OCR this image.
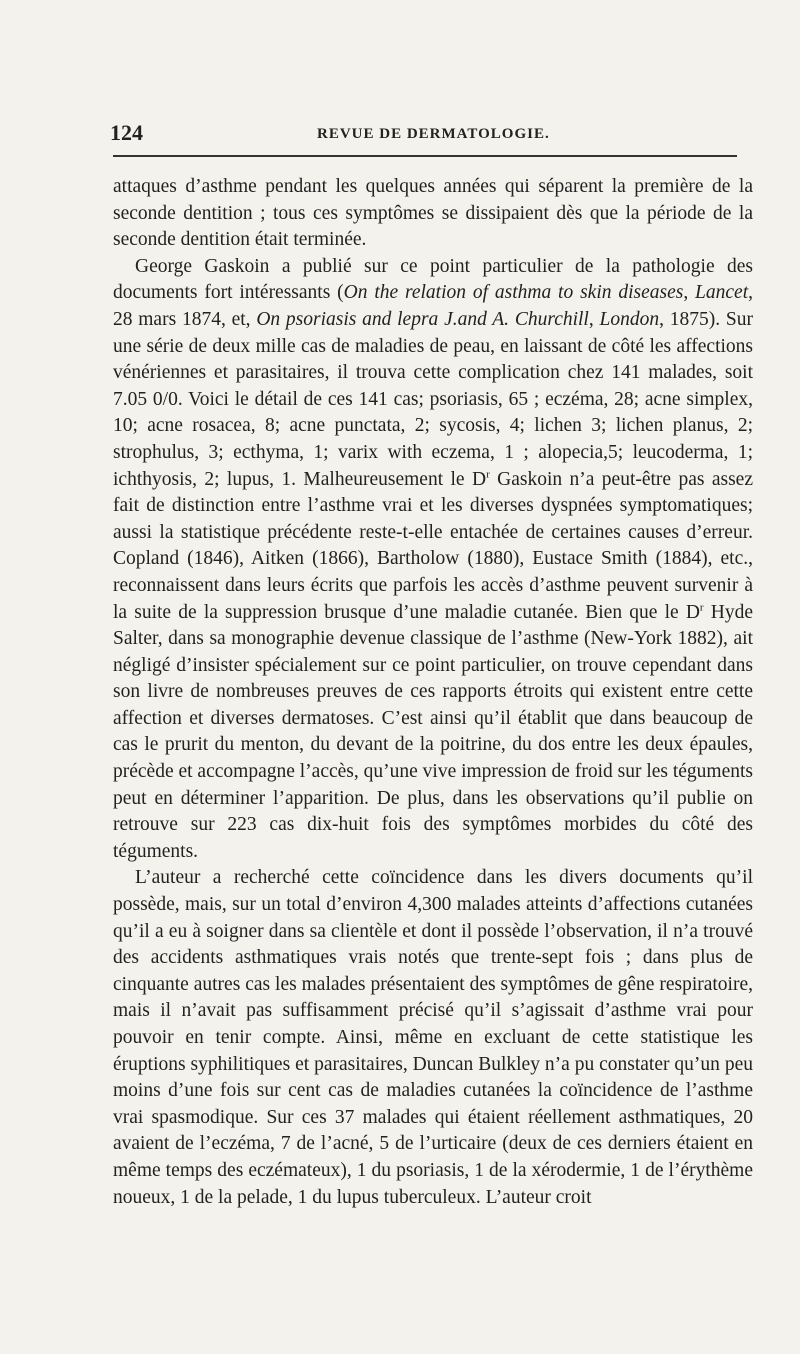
124	REVUE DE DERMATOLOGIE.

attaques d’asthme pendant les quelques années qui séparent la première de la seconde dentition ; tous ces symptômes se dissipaient dès que la période de la seconde dentition était terminée.

George Gaskoin a publié sur ce point particulier de la pathologie des documents fort intéressants (On the relation of asthma to skin diseases, Lancet, 28 mars 1874, et, On psoriasis and lepra J.and A. Churchill, London, 1875). Sur une série de deux mille cas de maladies de peau, en laissant de côté les affections vénériennes et parasitaires, il trouva cette complication chez 141 malades, soit 7.05 0/0. Voici le détail de ces 141 cas; psoriasis, 65 ; eczéma, 28; acne simplex, 10; acne rosacea, 8; acne punctata, 2; sycosis, 4; lichen 3; lichen planus, 2; strophulus, 3; ecthyma, 1; varix with eczema, 1 ; alopecia,5; leucoderma, 1; ichthyosis, 2; lupus, 1. Malheureusement le $D^r$ Gaskoin n’a peut-être pas assez fait de distinction entre l’asthme vrai et les diverses dyspnées symptomatiques; aussi la statistique précédente reste-t-elle entachée de certaines causes d’erreur. Copland (1846), Aitken (1866), Bartholow (1880), Eustace Smith (1884), etc., reconnaissent dans leurs écrits que parfois les accès d’asthme peuvent survenir à la suite de la suppression brusque d’une maladie cutanée. Bien que le $D^r$ Hyde Salter, dans sa monographie devenue classique de l’asthme (New-York 1882), ait négligé d’insister spécialement sur ce point particulier, on trouve cependant dans son livre de nombreuses preuves de ces rapports étroits qui existent entre cette affection et diverses dermatoses. C’est ainsi qu’il établit que dans beaucoup de cas le prurit du menton, du devant de la poitrine, du dos entre les deux épaules, précède et accompagne l’accès, qu’une vive impression de froid sur les téguments peut en déterminer l’apparition. De plus, dans les observations qu’il publie on retrouve sur 223 cas dix-huit fois des symptômes morbides du côté des téguments.

L’auteur a recherché cette coïncidence dans les divers documents qu’il possède, mais, sur un total d’environ 4,300 malades atteints d’affections cutanées qu’il a eu à soigner dans sa clientèle et dont il possède l’observation, il n’a trouvé des accidents asthmatiques vrais notés que trente-sept fois ; dans plus de cinquante autres cas les malades présentaient des symptômes de gêne respiratoire, mais il n’avait pas suffisamment précisé qu’il s’agissait d’asthme vrai pour pouvoir en tenir compte. Ainsi, même en excluant de cette statistique les éruptions syphilitiques et parasitaires, Duncan Bulkley n’a pu constater qu’un peu moins d’une fois sur cent cas de maladies cutanées la coïncidence de l’asthme vrai spasmodique. Sur ces 37 malades qui étaient réellement asthmatiques, 20 avaient de l’eczéma, 7 de l’acné, 5 de l’urticaire (deux de ces derniers étaient en même temps des eczémateux), 1 du psoriasis, 1 de la xérodermie, 1 de l’érythème noueux, 1 de la pelade, 1 du lupus tuberculeux. L’auteur croit
